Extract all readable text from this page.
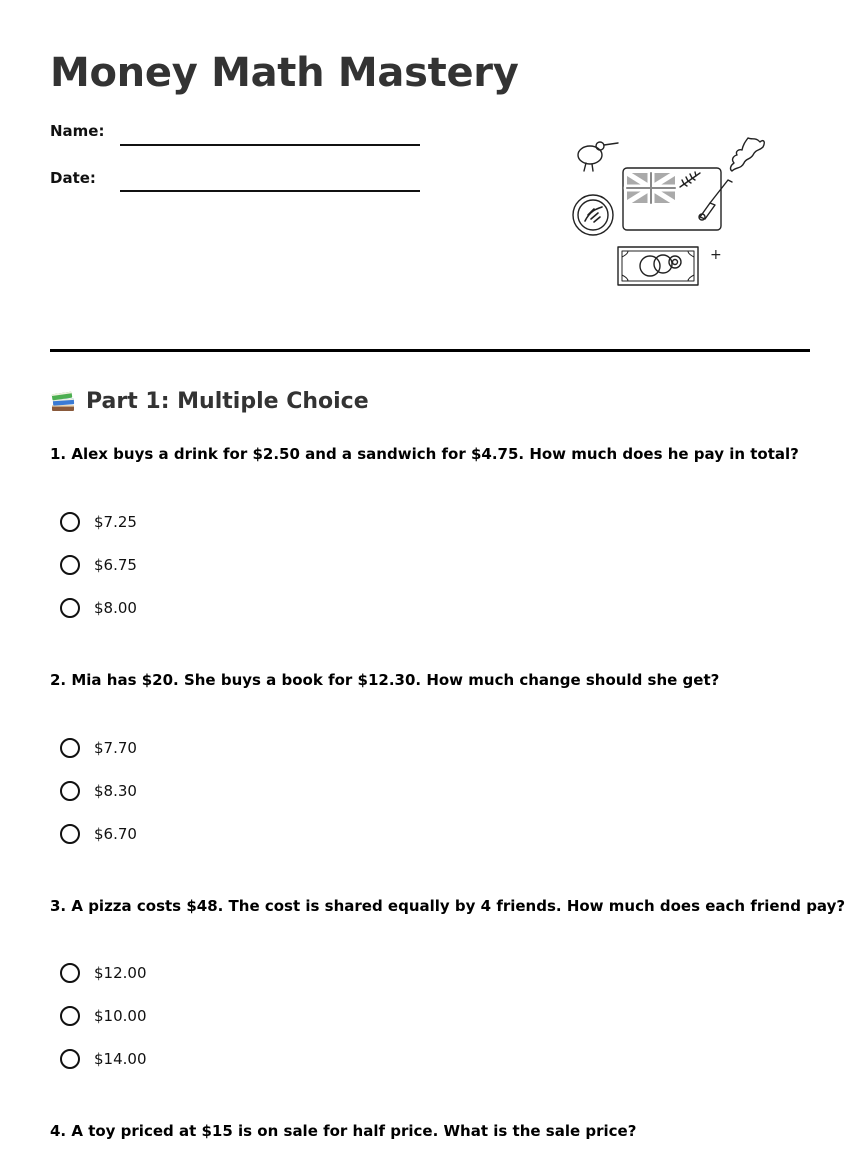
Money Math Mastery
Name:
Date:
+
Part 1: Multiple Choice

1. Alex buys a drink for $2.50 and a sandwich for $4.75. How much does he pay in total?

$7.25
$6.75
$8.00

2. Mia has $20. She buys a book for $12.30. How much change should she get?

$7.70
$8.30
$6.70

3. A pizza costs $48. The cost is shared equally by 4 friends. How much does each friend pay?

$12.00
$10.00
$14.00

4. A toy priced at $15 is on sale for half price. What is the sale price?
